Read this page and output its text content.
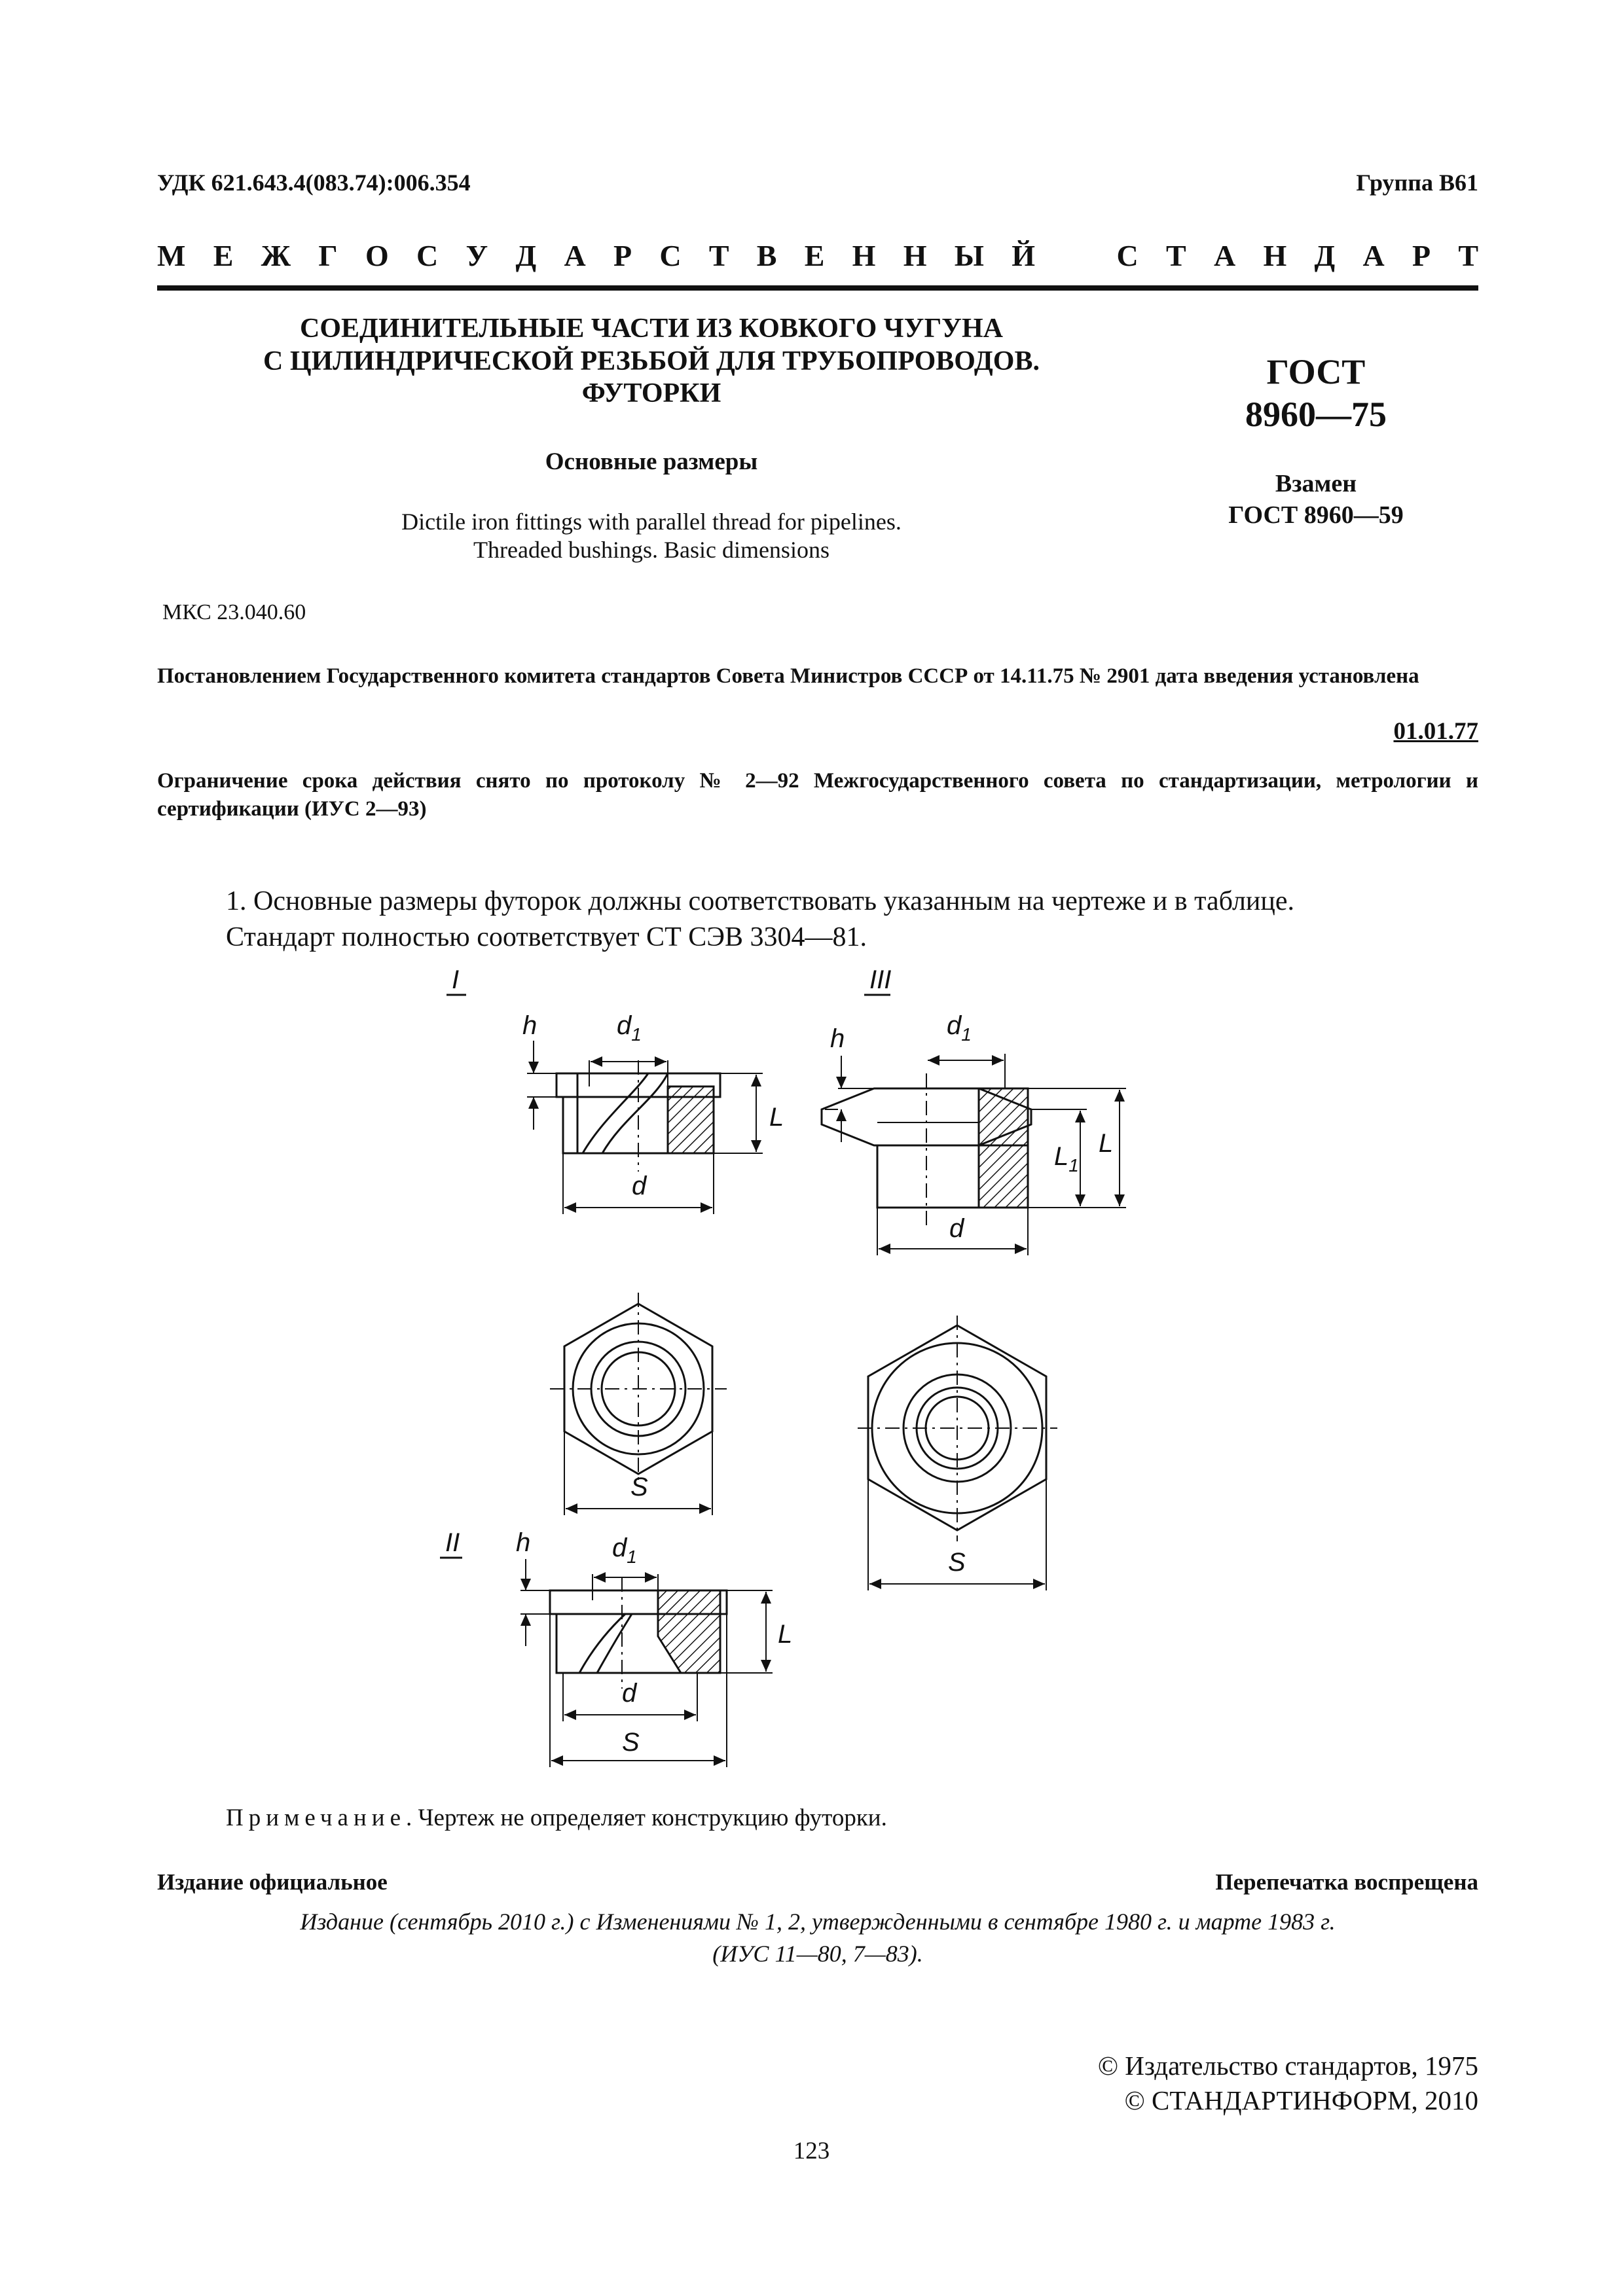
УДК 621.643.4(083.74):006.354	Группа В61
М Е Ж Г О С У Д А Р С Т В Е Н Н Ы Й	С Т А Н Д А Р Т
СОЕДИНИТЕЛЬНЫЕ ЧАСТИ ИЗ КОВКОГО ЧУГУНА
С ЦИЛИНДРИЧЕСКОЙ РЕЗЬБОЙ ДЛЯ ТРУБОПРОВОДОВ.
ФУТОРКИ
Основные размеры
Dictile iron fittings with parallel thread for pipelines.
Threaded bushings. Basic dimensions
ГОСТ
8960—75
Взамен
ГОСТ 8960—59
МКС 23.040.60
Постановлением Государственного комитета стандартов Совета Министров СССР от 14.11.75 № 2901 дата введения установлена
01.01.77
Ограничение срока действия снято по протоколу № 2—92 Межгосударственного совета по стандартизации, метрологии и сертификации (ИУС 2—93)
1. Основные размеры футорок должны соответствовать указанным на чертеже и в таблице.
Стандарт полностью соответствует СТ СЭВ 3304—81.
I	III
II
h	$d_1$
L
d
S
h	$d_1$
$L_1$
L
d
S
h	$d_1$
L
d
S
Примечание. Чертеж не определяет конструкцию футорки.
Издание официальное	Перепечатка воспрещена
Издание (сентябрь 2010 г.) с Изменениями № 1, 2, утвержденными в сентябре 1980 г. и марте 1983 г.
(ИУС 11—80, 7—83).
© Издательство стандартов, 1975
© СТАНДАРТИНФОРМ, 2010
123
